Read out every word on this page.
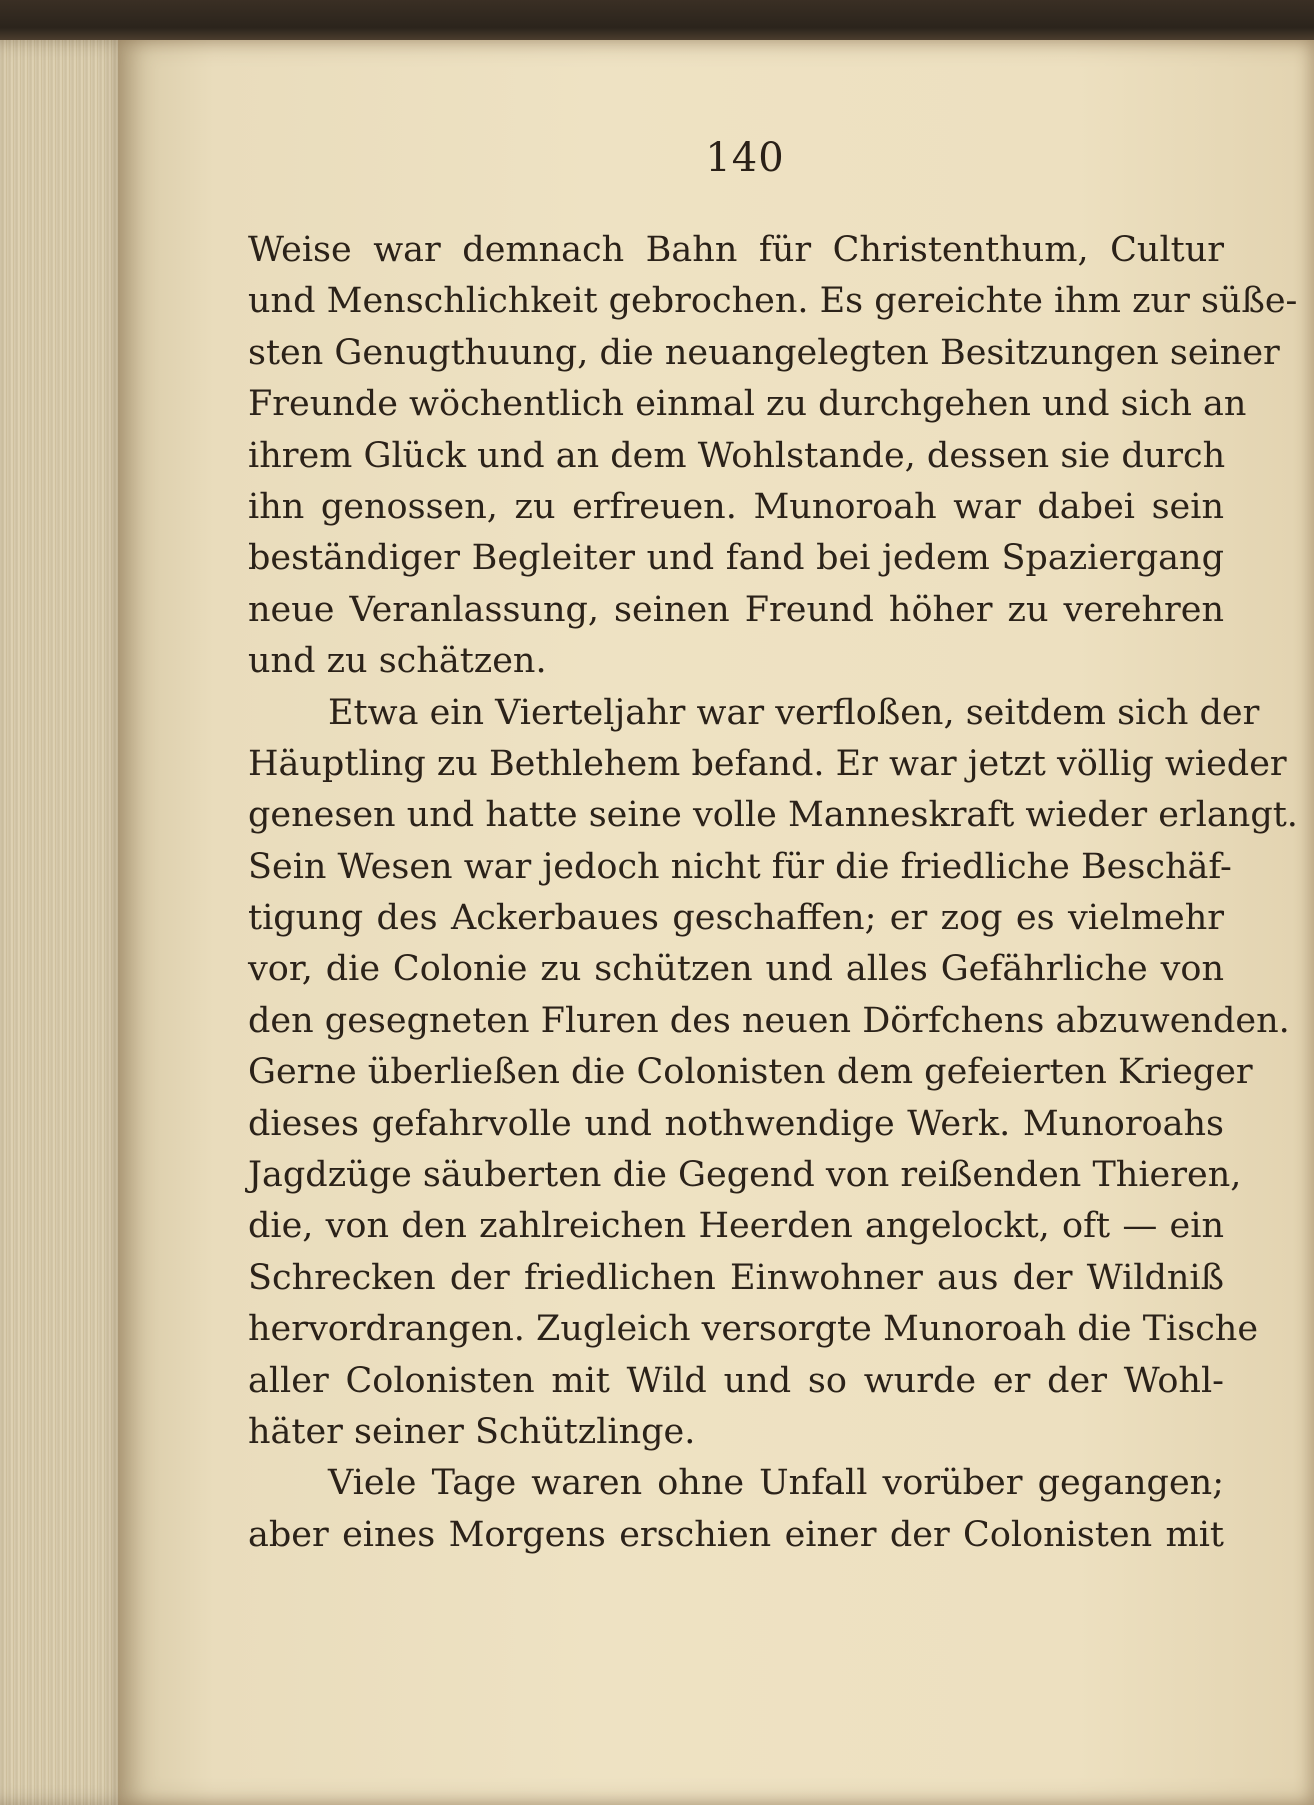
140
Weise war demnach Bahn für Christenthum, Cultur
und Menschlichkeit gebrochen. Es gereichte ihm zur süße-
sten Genugthuung, die neuangelegten Besitzungen seiner
Freunde wöchentlich einmal zu durchgehen und sich an
ihrem Glück und an dem Wohlstande, dessen sie durch
ihn genossen, zu erfreuen. Munoroah war dabei sein
beständiger Begleiter und fand bei jedem Spaziergang
neue Veranlassung, seinen Freund höher zu verehren
und zu schätzen.
Etwa ein Vierteljahr war verfloßen, seitdem sich der
Häuptling zu Bethlehem befand. Er war jetzt völlig wieder
genesen und hatte seine volle Manneskraft wieder erlangt.
Sein Wesen war jedoch nicht für die friedliche Beschäf-
tigung des Ackerbaues geschaffen; er zog es vielmehr
vor, die Colonie zu schützen und alles Gefährliche von
den gesegneten Fluren des neuen Dörfchens abzuwenden.
Gerne überließen die Colonisten dem gefeierten Krieger
dieses gefahrvolle und nothwendige Werk. Munoroahs
Jagdzüge säuberten die Gegend von reißenden Thieren,
die, von den zahlreichen Heerden angelockt, oft — ein
Schrecken der friedlichen Einwohner aus der Wildniß
hervordrangen. Zugleich versorgte Munoroah die Tische
aller Colonisten mit Wild und so wurde er der Wohl-
häter seiner Schützlinge.
Viele Tage waren ohne Unfall vorüber gegangen;
aber eines Morgens erschien einer der Colonisten mit
